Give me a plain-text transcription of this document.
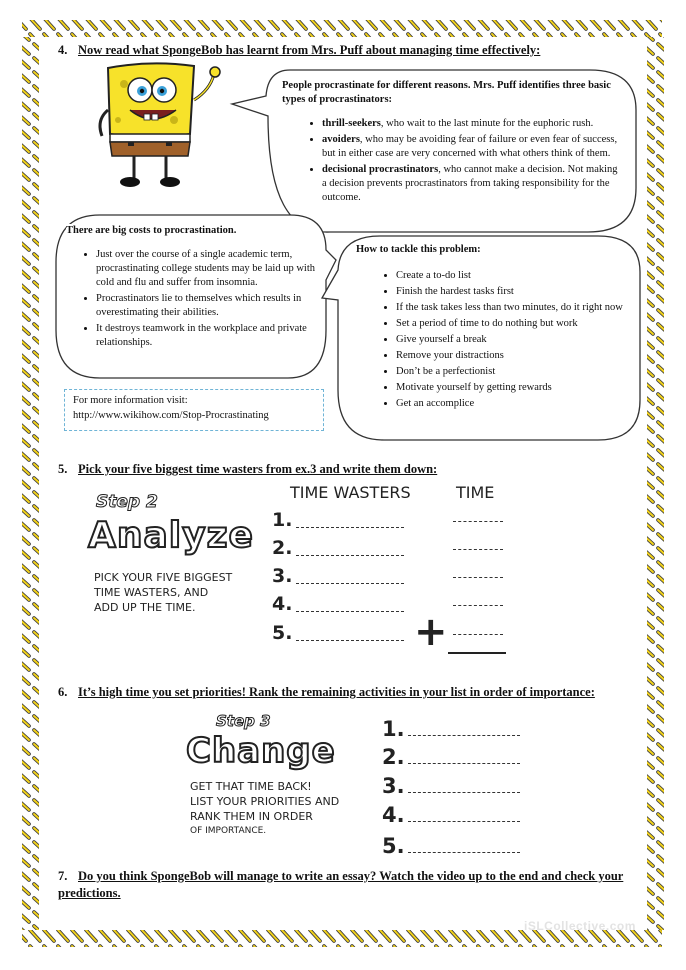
4. Now read what SpongeBob has learnt from Mrs. Puff about managing time effectively:
People procrastinate for different reasons. Mrs. Puff identifies three basic types of procrastinators:
• thrill-seekers, who wait to the last minute for the euphoric rush.
• avoiders, who may be avoiding fear of failure or even fear of success, but in either case are very concerned with what others think of them.
• decisional procrastinators, who cannot make a decision. Not making a decision prevents procrastinators from taking responsibility for the outcome.
There are big costs to procrastination.
• Just over the course of a single academic term, procrastinating college students may be laid up with cold and flu and suffer from insomnia.
• Procrastinators lie to themselves which results in overestimating their abilities.
• It destroys teamwork in the workplace and private relationships.
How to tackle this problem:
• Create a to-do list
• Finish the hardest tasks first
• If the task takes less than two minutes, do it right now
• Set a period of time to do nothing but work
• Give yourself a break
• Remove your distractions
• Don’t be a perfectionist
• Motivate yourself by getting rewards
• Get an accomplice
For more information visit:
http://www.wikihow.com/Stop-Procrastinating
5. Pick your five biggest time wasters from ex.3 and write them down:
Step 2
Analyze
PICK YOUR FIVE BIGGEST
TIME WASTERS, AND
ADD UP THE TIME.
TIME WASTERS	TIME
1.
2.
3.
4.
5.	+
6. It’s high time you set priorities! Rank the remaining activities in your list in order of importance:
Step 3
Change
GET THAT TIME BACK!
LIST YOUR PRIORITIES AND
RANK THEM IN ORDER
OF IMPORTANCE.
1.
2.
3.
4.
5.
7. Do you think SpongeBob will manage to write an essay? Watch the video up to the end and check your predictions.
iSLCollective.com
